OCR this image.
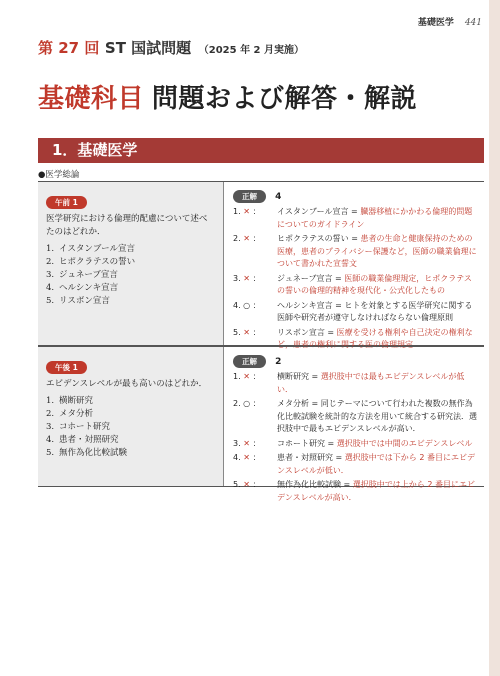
基礎医学 441
第 27 回 ST 国試問題 （2025 年 2 月実施）
基礎科目 問題および解答・解説
1．基礎医学
●医学総論
午前 1
医学研究における倫理的配慮について述べたのはどれか．
1. イスタンブール宣言
2. ヒポクラテスの誓い
3. ジュネーブ宣言
4. ヘルシンキ宣言
5. リスボン宣言
正解 4
1. ✕ ：	イスタンブール宣言 = 臓器移植にかかわる倫理的問題についてのガイドライン
2. ✕ ：	ヒポクラテスの誓い = 患者の生命と健康保持のための医療，患者のプライバシー保護など，医師の職業倫理について書かれた宣誓文
3. ✕ ：	ジュネーブ宣言 = 医師の職業倫理規定，ヒポクラテスの誓いの倫理的精神を現代化・公式化したもの
4. ○ ：	ヘルシンキ宣言 = ヒトを対象とする医学研究に関する医師や研究者が遵守しなければならない倫理原則
5. ✕ ：	リスボン宣言 = 医療を受ける権利や自己決定の権利など，患者の権利に関する医の倫理規定
午後 1
エビデンスレベルが最も高いのはどれか．
1. 横断研究
2. メタ分析
3. コホート研究
4. 患者・対照研究
5. 無作為化比較試験
正解 2
1. ✕ ：	横断研究 = 選択肢中では最もエビデンスレベルが低い．
2. ○ ：	メタ分析 = 同じテーマについて行われた複数の無作為化比較試験を統計的な方法を用いて統合する研究法．選択肢中で最もエビデンスレベルが高い．
3. ✕ ：	コホート研究 = 選択肢中では中間のエビデンスレベル
4. ✕ ：	患者・対照研究 = 選択肢中では下から 2 番目にエビデンスレベルが低い．
5. ✕ ：	無作為化比較試験 = 選択肢中では上から 2 番目にエビデンスレベルが高い．
